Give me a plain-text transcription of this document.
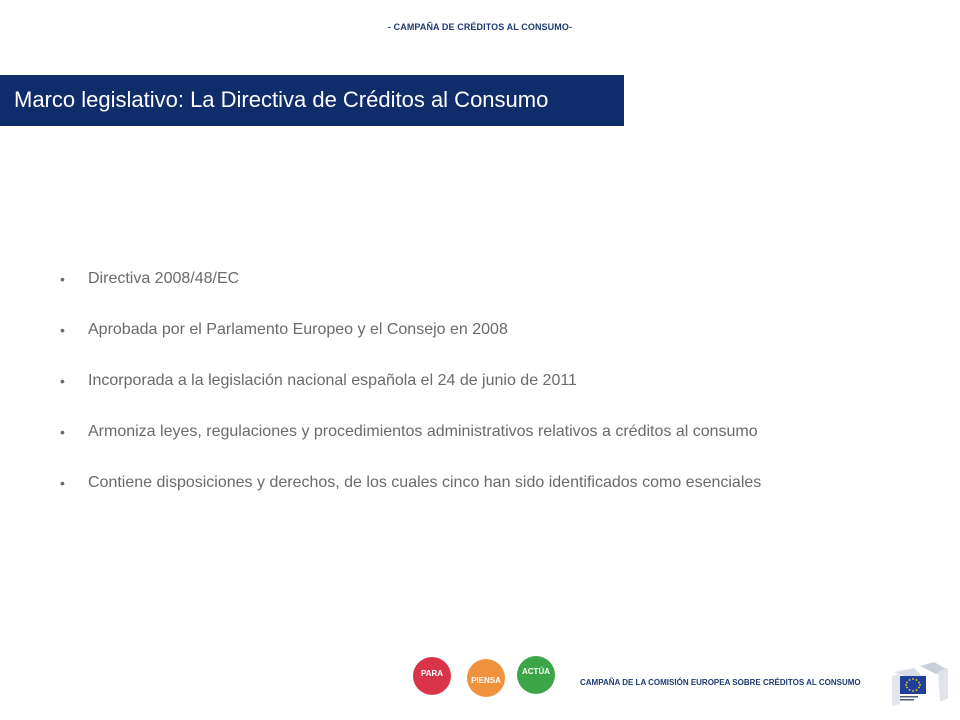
- CAMPAÑA DE CRÉDITOS AL CONSUMO-
Marco legislativo: La Directiva de Créditos al Consumo
• Directiva 2008/48/EC
• Aprobada por el Parlamento Europeo y el Consejo en 2008
• Incorporada a la legislación nacional española el 24 de junio de 2011
• Armoniza leyes, regulaciones y procedimientos administrativos relativos a créditos al consumo
• Contiene disposiciones y derechos, de los cuales cinco han sido identificados como esenciales
PARA
PIENSA
ACTÚA
CAMPAÑA DE LA COMISIÓN EUROPEA SOBRE CRÉDITOS AL CONSUMO
